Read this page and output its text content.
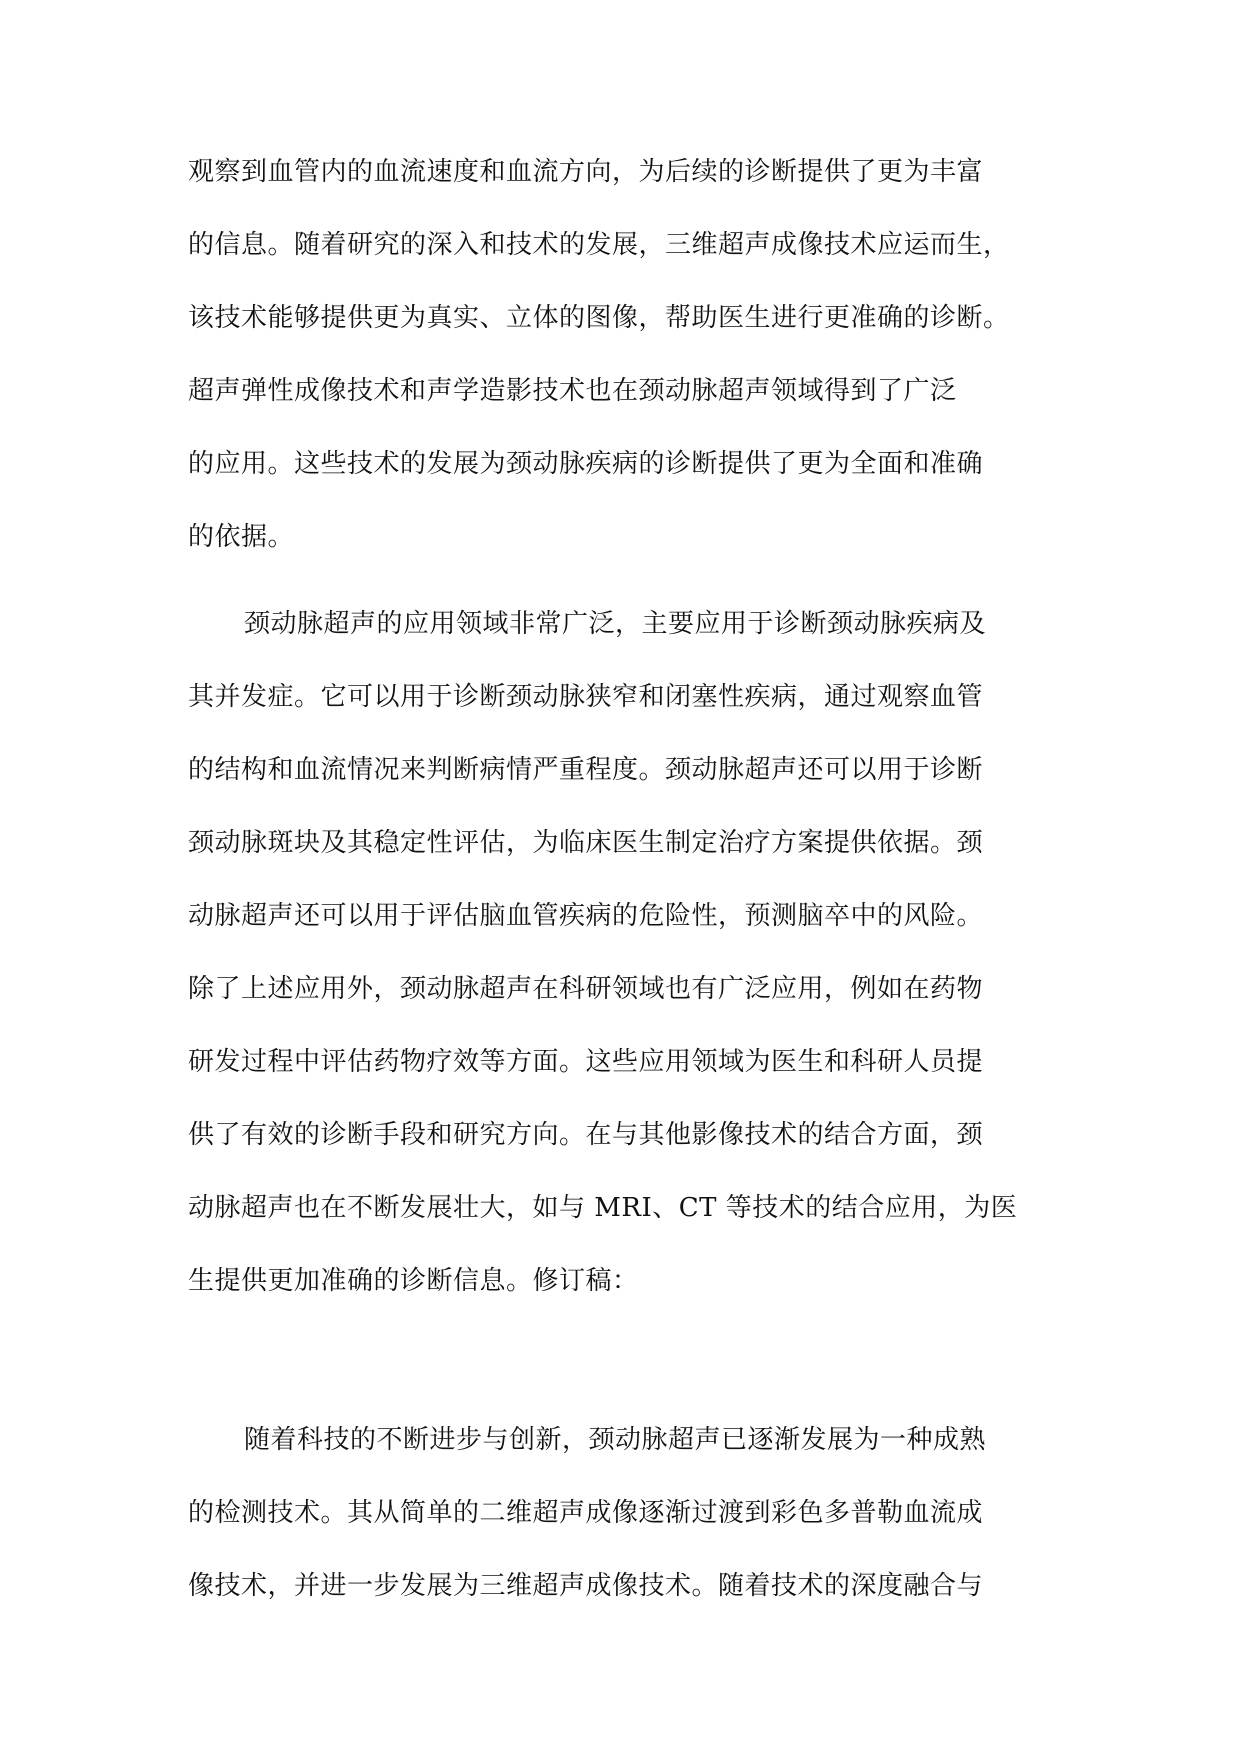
观察到血管内的血流速度和血流方向，为后续的诊断提供了更为丰富
的信息。随着研究的深入和技术的发展，三维超声成像技术应运而生，
该技术能够提供更为真实、立体的图像，帮助医生进行更准确的诊断。
超声弹性成像技术和声学造影技术也在颈动脉超声领域得到了广泛
的应用。这些技术的发展为颈动脉疾病的诊断提供了更为全面和准确
的依据。
颈动脉超声的应用领域非常广泛，主要应用于诊断颈动脉疾病及
其并发症。它可以用于诊断颈动脉狭窄和闭塞性疾病，通过观察血管
的结构和血流情况来判断病情严重程度。颈动脉超声还可以用于诊断
颈动脉斑块及其稳定性评估，为临床医生制定治疗方案提供依据。颈
动脉超声还可以用于评估脑血管疾病的危险性，预测脑卒中的风险。
除了上述应用外，颈动脉超声在科研领域也有广泛应用，例如在药物
研发过程中评估药物疗效等方面。这些应用领域为医生和科研人员提
供了有效的诊断手段和研究方向。在与其他影像技术的结合方面，颈
动脉超声也在不断发展壮大，如与 MRI、CT 等技术的结合应用，为医
生提供更加准确的诊断信息。修订稿：
随着科技的不断进步与创新，颈动脉超声已逐渐发展为一种成熟
的检测技术。其从简单的二维超声成像逐渐过渡到彩色多普勒血流成
像技术，并进一步发展为三维超声成像技术。随着技术的深度融合与
